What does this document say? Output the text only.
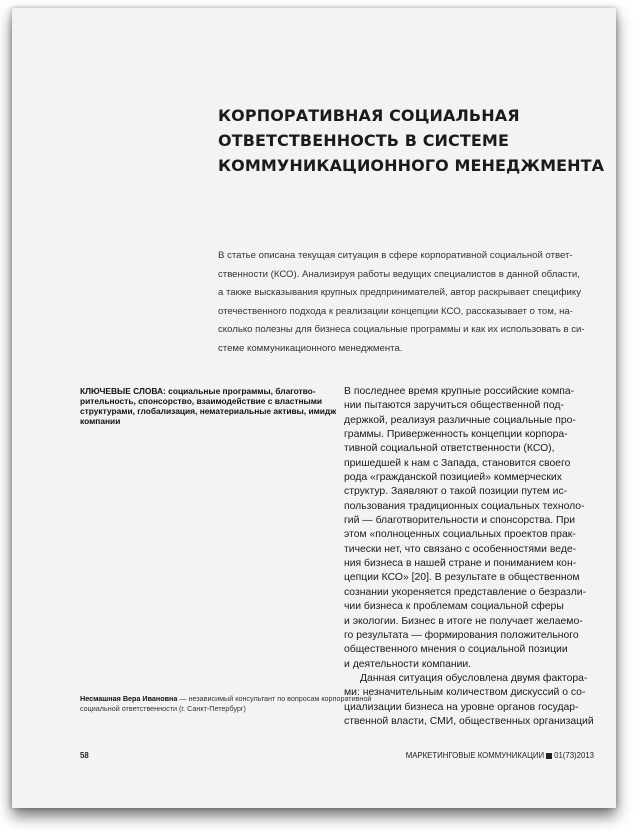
КОРПОРАТИВНАЯ СОЦИАЛЬНАЯ
ОТВЕТСТВЕННОСТЬ В СИСТЕМЕ
КОММУНИКАЦИОННОГО МЕНЕДЖМЕНТА
В статье описана текущая ситуация в сфере корпоративной социальной ответ-
ственности (КСО). Анализируя работы ведущих специалистов в данной области,
а также высказывания крупных предпринимателей, автор раскрывает специфику
отечественного подхода к реализации концепции КСО, рассказывает о том, на-
сколько полезны для бизнеса социальные программы и как их использовать в си-
стеме коммуникационного менеджмента.
КЛЮЧЕВЫЕ СЛОВА: социальные программы, благотво-
рительность, спонсорство, взаимодействие с властными
структурами, глобализация, нематериальные активы, имидж
компании
Несмашная Вера Ивановна — независимый консультант по вопросам корпоративной
социальной ответственности (г. Санкт-Петербург)
В последнее время крупные российские компа-
нии пытаются заручиться общественной под-
держкой, реализуя различные социальные про-
граммы. Приверженность концепции корпора-
тивной социальной ответственности (КСО),
пришедшей к нам с Запада, становится своего
рода «гражданской позицией» коммерческих
структур. Заявляют о такой позиции путем ис-
пользования традиционных социальных техноло-
гий — благотворительности и спонсорства. При
этом «полноценных социальных проектов прак-
тически нет, что связано с особенностями веде-
ния бизнеса в нашей стране и пониманием кон-
цепции КСО» [20]. В результате в общественном
сознании укореняется представление о безразли-
чии бизнеса к проблемам социальной сферы
и экологии. Бизнес в итоге не получает желаемо-
го результата — формирования положительного
общественного мнения о социальной позиции
и деятельности компании.
Данная ситуация обусловлена двумя фактора-
ми: незначительным количеством дискуссий о со-
циализации бизнеса на уровне органов государ-
ственной власти, СМИ, общественных организаций
58	МАРКЕТИНГОВЫЕ КОММУНИКАЦИИ 01(73)2013
